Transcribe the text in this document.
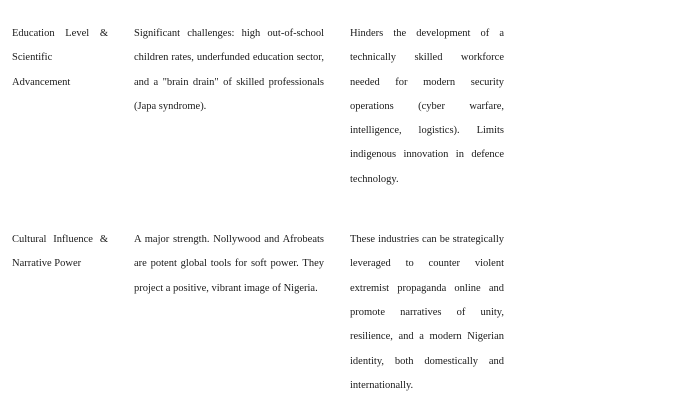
Education Level & Scientific Advancement
Significant challenges: high out-of-school children rates, underfunded education sector, and a "brain drain" of skilled professionals (Japa syndrome).
Hinders the development of a technically skilled workforce needed for modern security operations (cyber warfare, intelligence, logistics). Limits indigenous innovation in defence technology.
Cultural Influence & Narrative Power
A major strength. Nollywood and Afrobeats are potent global tools for soft power. They project a positive, vibrant image of Nigeria.
These industries can be strategically leveraged to counter violent extremist propaganda online and promote narratives of unity, resilience, and a modern Nigerian identity, both domestically and internationally.
